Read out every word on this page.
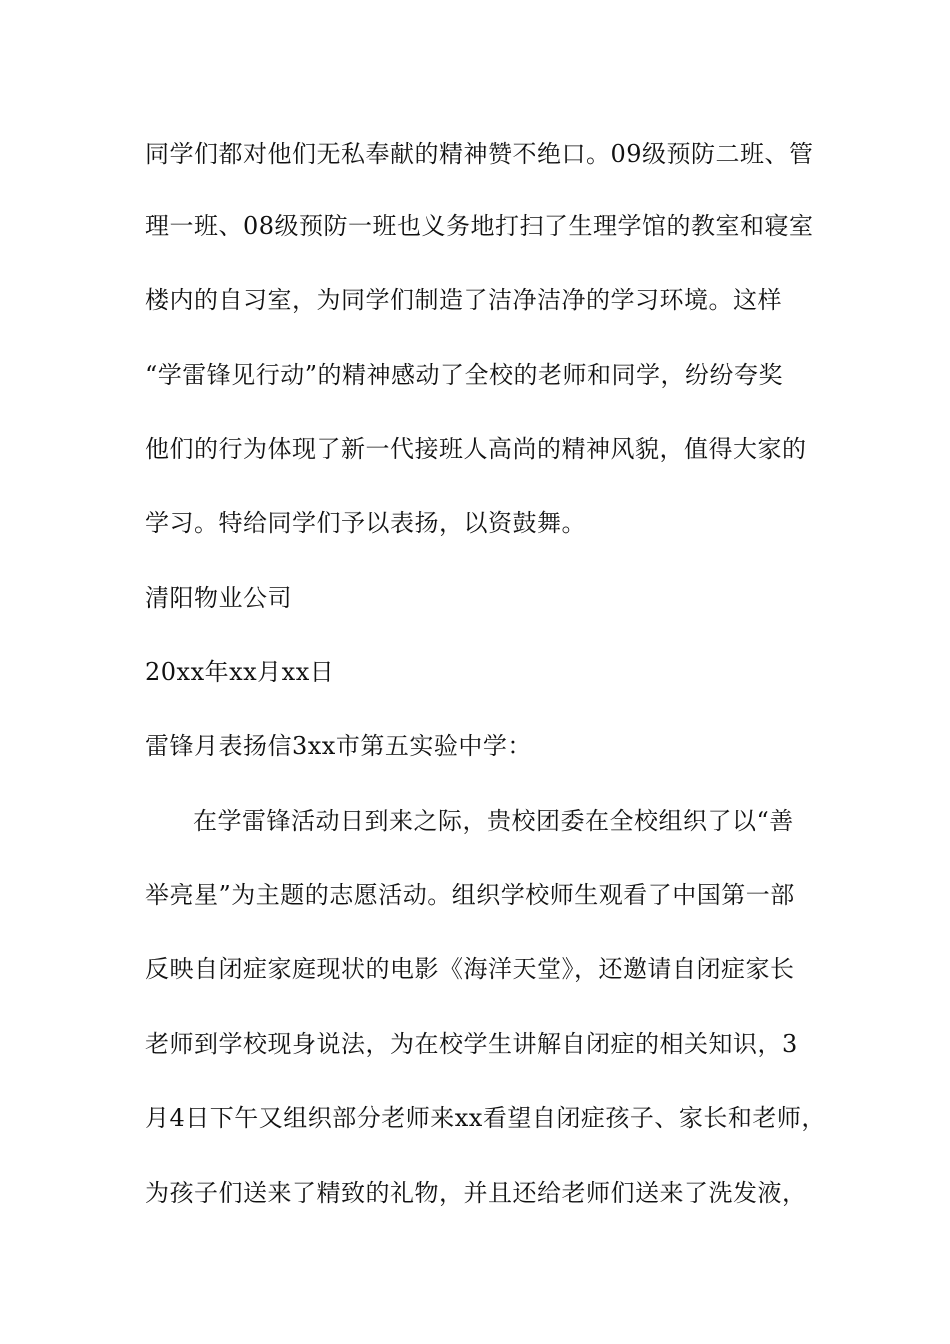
同学们都对他们无私奉献的精神赞不绝口。09级预防二班、管
理一班、08级预防一班也义务地打扫了生理学馆的教室和寝室
楼内的自习室，为同学们制造了洁净洁净的学习环境。这样
“学雷锋见行动”的精神感动了全校的老师和同学，纷纷夸奖
他们的行为体现了新一代接班人高尚的精神风貌，值得大家的
学习。特给同学们予以表扬，以资鼓舞。
清阳物业公司
20xx年xx月xx日
雷锋月表扬信3xx市第五实验中学：
在学雷锋活动日到来之际，贵校团委在全校组织了以“善
举亮星”为主题的志愿活动。组织学校师生观看了中国第一部
反映自闭症家庭现状的电影《海洋天堂》，还邀请自闭症家长
老师到学校现身说法，为在校学生讲解自闭症的相关知识，3
月4日下午又组织部分老师来xx看望自闭症孩子、家长和老师，
为孩子们送来了精致的礼物，并且还给老师们送来了洗发液，
